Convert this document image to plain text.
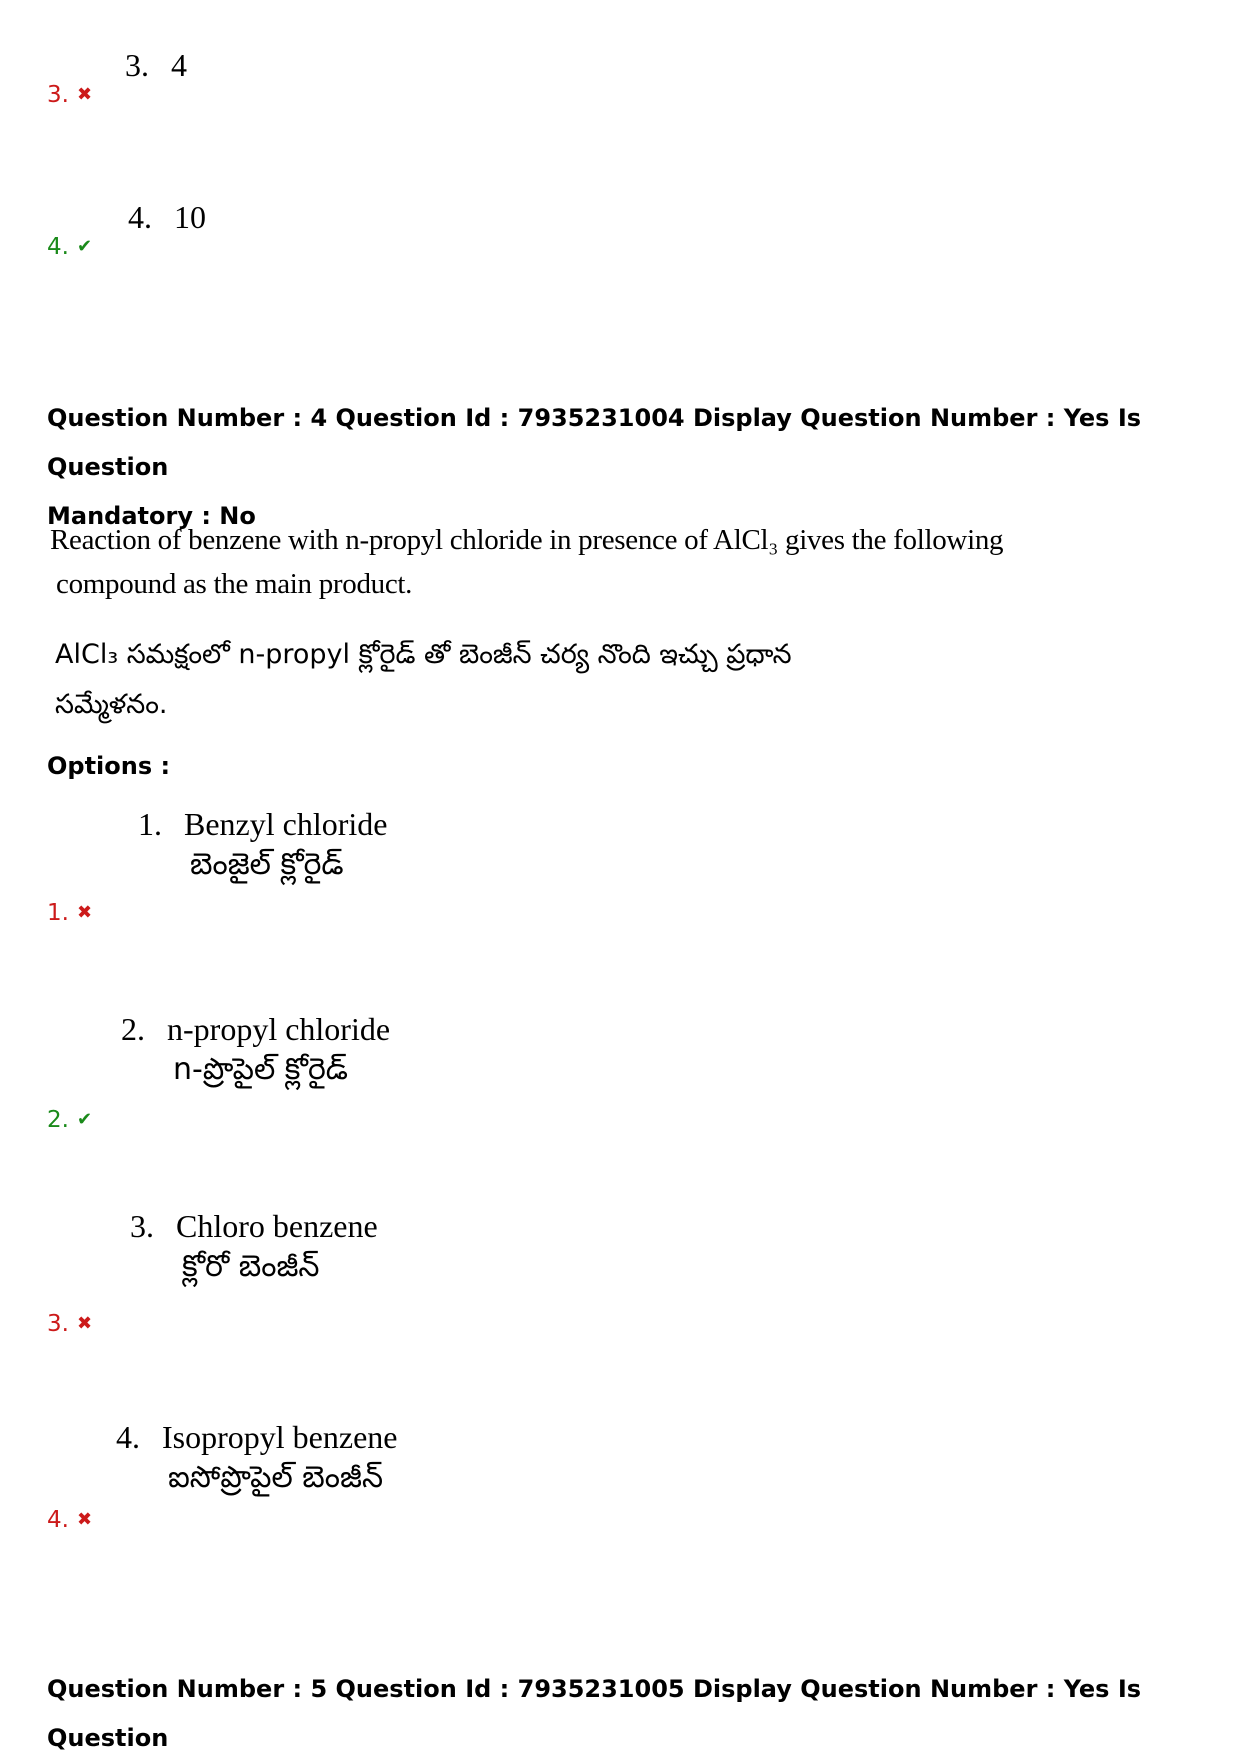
3. 4
3. ✖
4. 10
4. ✔
Question Number : 4 Question Id : 7935231004 Display Question Number : Yes Is Question
Mandatory : No
Reaction of benzene with n-propyl chloride in presence of AlCl₃ gives the following
compound as the main product.
AlCl₃ సమక్షంలో n-propyl క్లోరైడ్ తో బెంజీన్ చర్య నొంది ఇచ్చు ప్రధాన
సమ్మేళనం.
Options :
1. Benzyl chloride
బెంజైల్ క్లోరైడ్
1. ✖
2. n-propyl chloride
n-ప్రొపైల్ క్లోరైడ్
2. ✔
3. Chloro benzene
క్లోరో బెంజీన్
3. ✖
4. Isopropyl benzene
ఐసోప్రొపైల్ బెంజీన్
4. ✖
Question Number : 5 Question Id : 7935231005 Display Question Number : Yes Is Question
